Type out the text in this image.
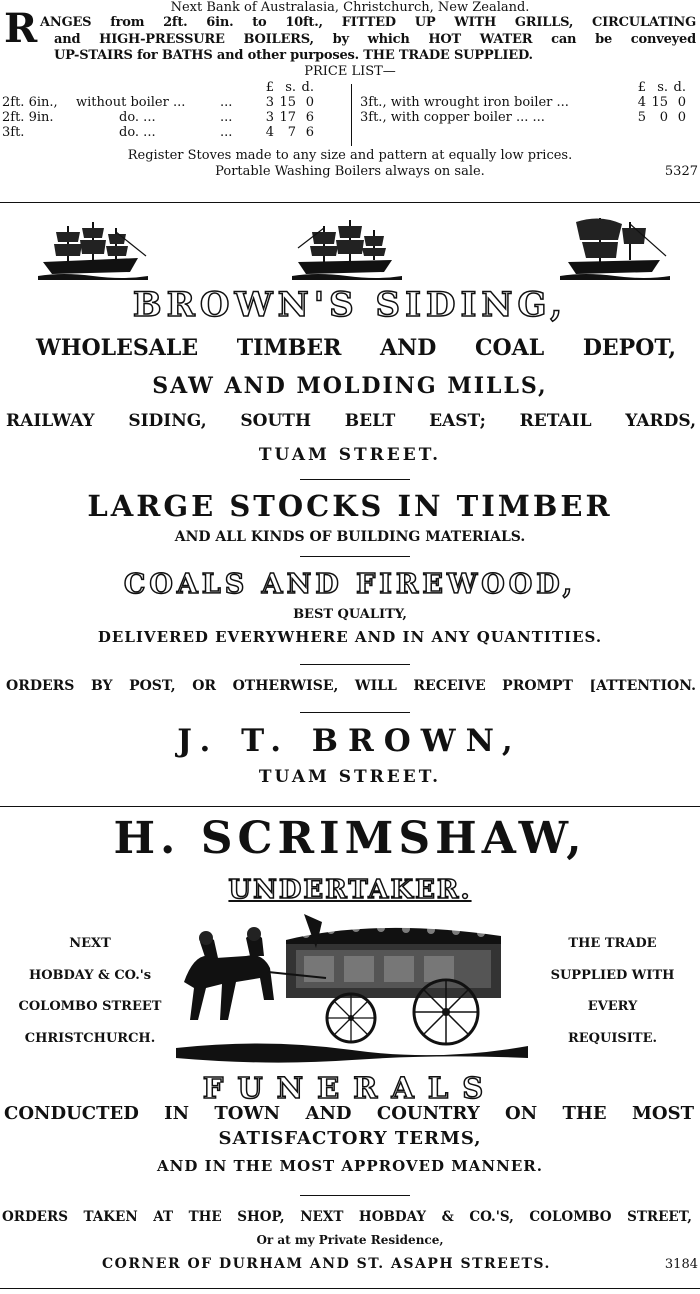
Next Bank of Australasia, Christchurch, New Zealand.
R ANGES from 2ft. 6in. to 10ft., FITTED UP WITH GRILLS, CIRCULATING
and HIGH-PRESSURE BOILERS, by which HOT WATER can be conveyed
UP-STAIRS for BATHS and other purposes. THE TRADE SUPPLIED.
PRICE LIST—
			£	s.	d.
2ft. 6in.,	without boiler ...	...	3	15	0
2ft. 9in.	do. ...	...	3	17	6
3ft.	do. ...	...	4	7	6
	£	s.	d.
3ft., with wrought iron boiler ...	4	15	0
3ft., with copper boiler ... ...	5	0	0
Register Stoves made to any size and pattern at equally low prices.
Portable Washing Boilers always on sale.	5327
BROWN'S SIDING,
WHOLESALE TIMBER AND COAL DEPOT,
SAW AND MOLDING MILLS,
RAILWAY SIDING, SOUTH BELT EAST; RETAIL YARDS,
TUAM STREET.
LARGE STOCKS IN TIMBER
AND ALL KINDS OF BUILDING MATERIALS.
COALS AND FIREWOOD,
BEST QUALITY,
DELIVERED EVERYWHERE AND IN ANY QUANTITIES.
ORDERS BY POST, OR OTHERWISE, WILL RECEIVE PROMPT [ATTENTION.
J. T. BROWN,
TUAM STREET.
H. SCRIMSHAW,
UNDERTAKER.
NEXT
HOBDAY & CO.'s
COLOMBO STREET
CHRISTCHURCH.
THE TRADE
SUPPLIED WITH
EVERY
REQUISITE.
FUNERALS
CONDUCTED IN TOWN AND COUNTRY ON THE MOST
SATISFACTORY TERMS,
AND IN THE MOST APPROVED MANNER.
ORDERS TAKEN AT THE SHOP, NEXT HOBDAY & CO.'S, COLOMBO STREET,
Or at my Private Residence,
CORNER OF DURHAM AND ST. ASAPH STREETS.	3184
